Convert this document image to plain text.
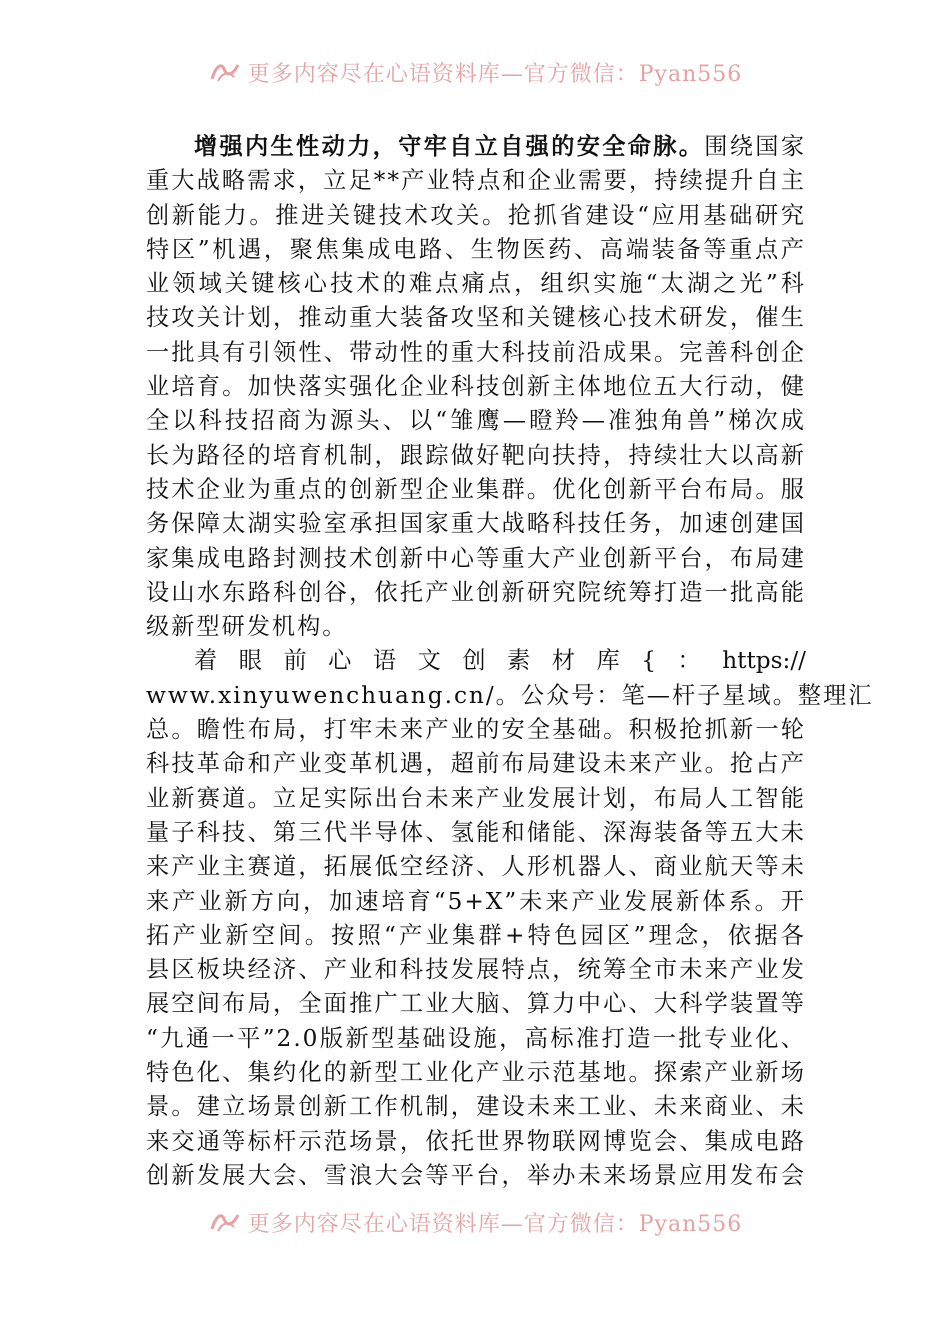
更多内容尽在心语资料库—官方微信：Pyan556
增强内生性动力，守牢自立自强的安全命脉。围绕国家
重大战略需求，立足**产业特点和企业需要，持续提升自主
创新能力。推进关键技术攻关。抢抓省建设“应用基础研究
特区”机遇，聚焦集成电路、生物医药、高端装备等重点产
业领域关键核心技术的难点痛点，组织实施“太湖之光”科
技攻关计划，推动重大装备攻坚和关键核心技术研发，催生
一批具有引领性、带动性的重大科技前沿成果。完善科创企
业培育。加快落实强化企业科技创新主体地位五大行动，健
全以科技招商为源头、以“雏鹰—瞪羚—准独角兽”梯次成
长为路径的培育机制，跟踪做好靶向扶持，持续壮大以高新
技术企业为重点的创新型企业集群。优化创新平台布局。服
务保障太湖实验室承担国家重大战略科技任务，加速创建国
家集成电路封测技术创新中心等重大产业创新平台，布局建
设山水东路科创谷，依托产业创新研究院统筹打造一批高能
级新型研发机构。
着 眼 前 心 语 文 创 素 材 库 { ： https://
www.xinyuwenchuang.cn/。公众号：笔—杆子星域。整理汇
总。瞻性布局，打牢未来产业的安全基础。积极抢抓新一轮
科技革命和产业变革机遇，超前布局建设未来产业。抢占产
业新赛道。立足实际出台未来产业发展计划，布局人工智能
量子科技、第三代半导体、氢能和储能、深海装备等五大未
来产业主赛道，拓展低空经济、人形机器人、商业航天等未
来产业新方向，加速培育“5+X”未来产业发展新体系。开
拓产业新空间。按照“产业集群+特色园区”理念，依据各
县区板块经济、产业和科技发展特点，统筹全市未来产业发
展空间布局，全面推广工业大脑、算力中心、大科学装置等
“九通一平”2.0版新型基础设施，高标准打造一批专业化、
特色化、集约化的新型工业化产业示范基地。探索产业新场
景。建立场景创新工作机制，建设未来工业、未来商业、未
来交通等标杆示范场景，依托世界物联网博览会、集成电路
创新发展大会、雪浪大会等平台，举办未来场景应用发布会
更多内容尽在心语资料库—官方微信：Pyan556
